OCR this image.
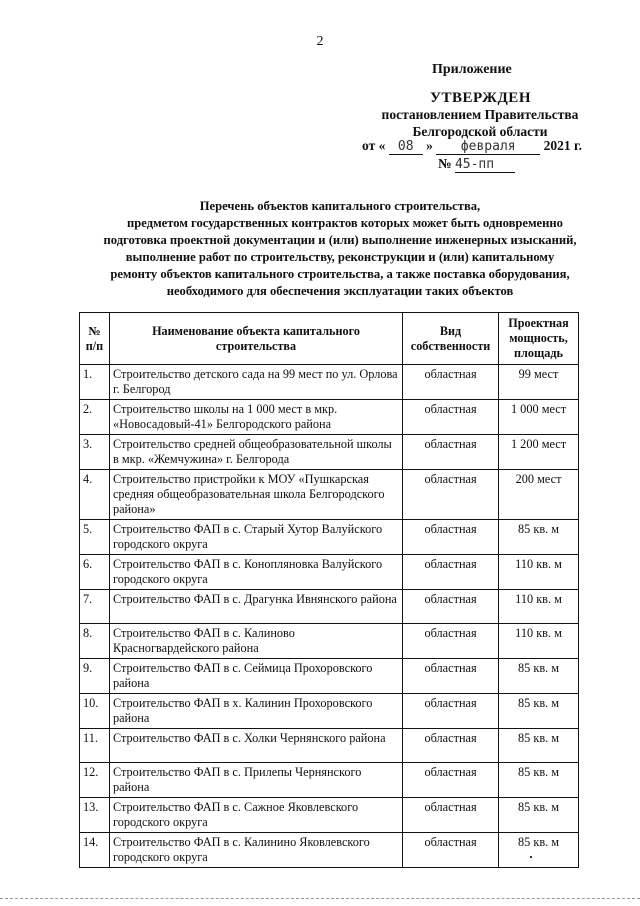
2
Приложение
УТВЕРЖДЕН
постановлением Правительства
Белгородской области
от « 08 » февраля 2021 г.
№ 45-пп
Перечень объектов капитального строительства,
предметом государственных контрактов которых может быть одновременно
подготовка проектной документации и (или) выполнение инженерных изысканий,
выполнение работ по строительству, реконструкции и (или) капитальному
ремонту объектов капитального строительства, а также поставка оборудования,
необходимого для обеспечения эксплуатации таких объектов
№ п/п	Наименование объекта капитального строительства	Вид собственности	Проектная мощность, площадь
1.	Строительство детского сада на 99 мест по ул. Орлова г. Белгород	областная	99 мест
2.	Строительство школы на 1 000 мест в мкр. «Новосадовый-41» Белгородского района	областная	1 000 мест
3.	Строительство средней общеобразовательной школы в мкр. «Жемчужина» г. Белгорода	областная	1 200 мест
4.	Строительство пристройки к МОУ «Пушкарская средняя общеобразовательная школа Белгородского района»	областная	200 мест
5.	Строительство ФАП в с. Старый Хутор Валуйского городского округа	областная	85 кв. м
6.	Строительство ФАП в с. Конопляновка Валуйского городского округа	областная	110 кв. м
7.	Строительство ФАП в с. Драгунка Ивнянского района	областная	110 кв. м
8.	Строительство ФАП в с. Калиново Красногвардейского района	областная	110 кв. м
9.	Строительство ФАП в с. Сеймица Прохоровского района	областная	85 кв. м
10.	Строительство ФАП в х. Калинин Прохоровского района	областная	85 кв. м
11.	Строительство ФАП в с. Холки Чернянского района	областная	85 кв. м
12.	Строительство ФАП в с. Прилепы Чернянского района	областная	85 кв. м
13.	Строительство ФАП в с. Сажное Яковлевского городского округа	областная	85 кв. м
14.	Строительство ФАП в с. Калинино Яковлевского городского округа	областная	85 кв. м
